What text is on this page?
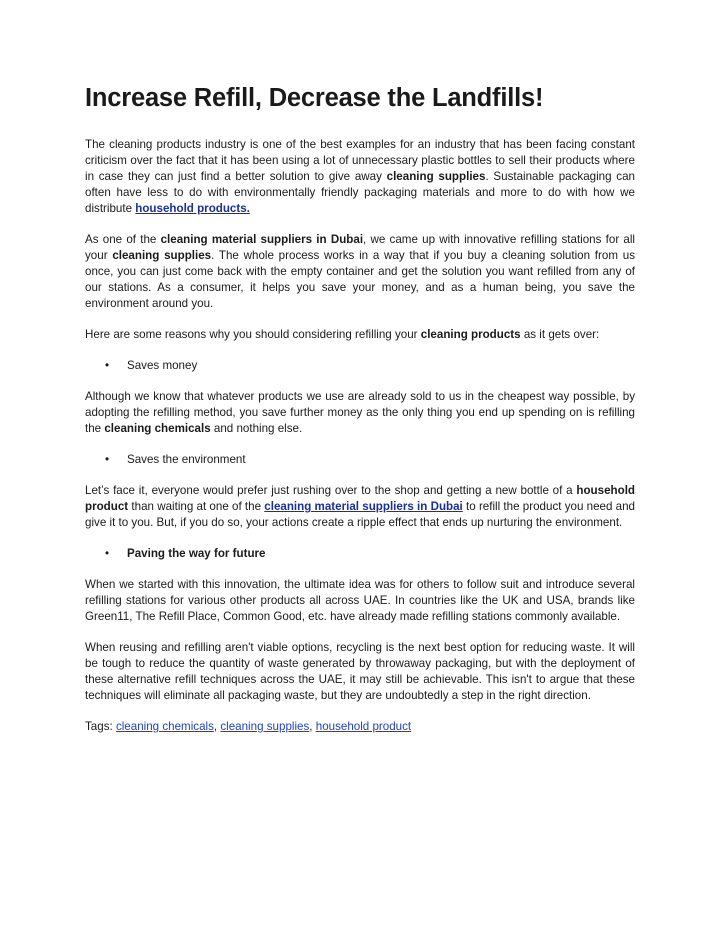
Increase Refill, Decrease the Landfills!

The cleaning products industry is one of the best examples for an industry that has been facing constant criticism over the fact that it has been using a lot of unnecessary plastic bottles to sell their products where in case they can just find a better solution to give away cleaning supplies. Sustainable packaging can often have less to do with environmentally friendly packaging materials and more to do with how we distribute household products.

As one of the cleaning material suppliers in Dubai, we came up with innovative refilling stations for all your cleaning supplies. The whole process works in a way that if you buy a cleaning solution from us once, you can just come back with the empty container and get the solution you want refilled from any of our stations. As a consumer, it helps you save your money, and as a human being, you save the environment around you.

Here are some reasons why you should considering refilling your cleaning products as it gets over:

• Saves money

Although we know that whatever products we use are already sold to us in the cheapest way possible, by adopting the refilling method, you save further money as the only thing you end up spending on is refilling the cleaning chemicals and nothing else.

• Saves the environment

Let’s face it, everyone would prefer just rushing over to the shop and getting a new bottle of a household product than waiting at one of the cleaning material suppliers in Dubai to refill the product you need and give it to you. But, if you do so, your actions create a ripple effect that ends up nurturing the environment.

• Paving the way for future

When we started with this innovation, the ultimate idea was for others to follow suit and introduce several refilling stations for various other products all across UAE. In countries like the UK and USA, brands like Green11, The Refill Place, Common Good, etc. have already made refilling stations commonly available.

When reusing and refilling aren't viable options, recycling is the next best option for reducing waste. It will be tough to reduce the quantity of waste generated by throwaway packaging, but with the deployment of these alternative refill techniques across the UAE, it may still be achievable. This isn't to argue that these techniques will eliminate all packaging waste, but they are undoubtedly a step in the right direction.

Tags: cleaning chemicals, cleaning supplies, household product
